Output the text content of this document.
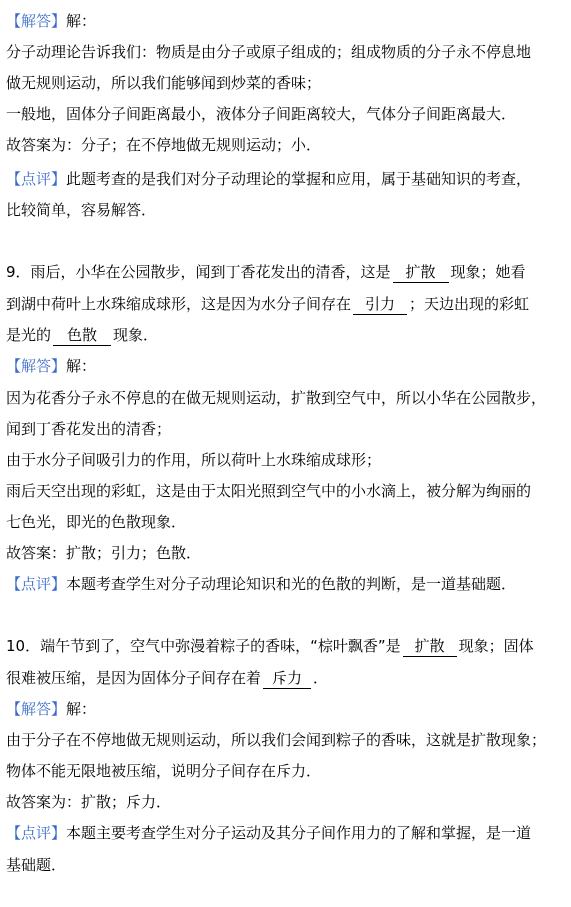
【解答】解：
分子动理论告诉我们：物质是由分子或原子组成的；组成物质的分子永不停息地
做无规则运动，所以我们能够闻到炒菜的香味；
一般地，固体分子间距离最小，液体分子间距离较大，气体分子间距离最大．
故答案为：分子；在不停地做无规则运动；小．
【点评】此题考查的是我们对分子动理论的掌握和应用，属于基础知识的考查，
比较简单，容易解答．
9．雨后，小华在公园散步，闻到丁香花发出的清香，这是 扩散 现象；她看
到湖中荷叶上水珠缩成球形，这是因为水分子间存在 引力 ；天边出现的彩虹
是光的 色散 现象．
【解答】解：
因为花香分子永不停息的在做无规则运动，扩散到空气中，所以小华在公园散步，
闻到丁香花发出的清香；
由于水分子间吸引力的作用，所以荷叶上水珠缩成球形；
雨后天空出现的彩虹，这是由于太阳光照到空气中的小水滴上，被分解为绚丽的
七色光，即光的色散现象．
故答案：扩散；引力；色散．
【点评】本题考查学生对分子动理论知识和光的色散的判断，是一道基础题．
10．端午节到了，空气中弥漫着粽子的香味，“棕叶飘香”是 扩散 现象；固体
很难被压缩，是因为固体分子间存在着 斥力 ．
【解答】解：
由于分子在不停地做无规则运动，所以我们会闻到粽子的香味，这就是扩散现象；
物体不能无限地被压缩，说明分子间存在斥力．
故答案为：扩散；斥力．
【点评】本题主要考查学生对分子运动及其分子间作用力的了解和掌握，是一道
基础题．
